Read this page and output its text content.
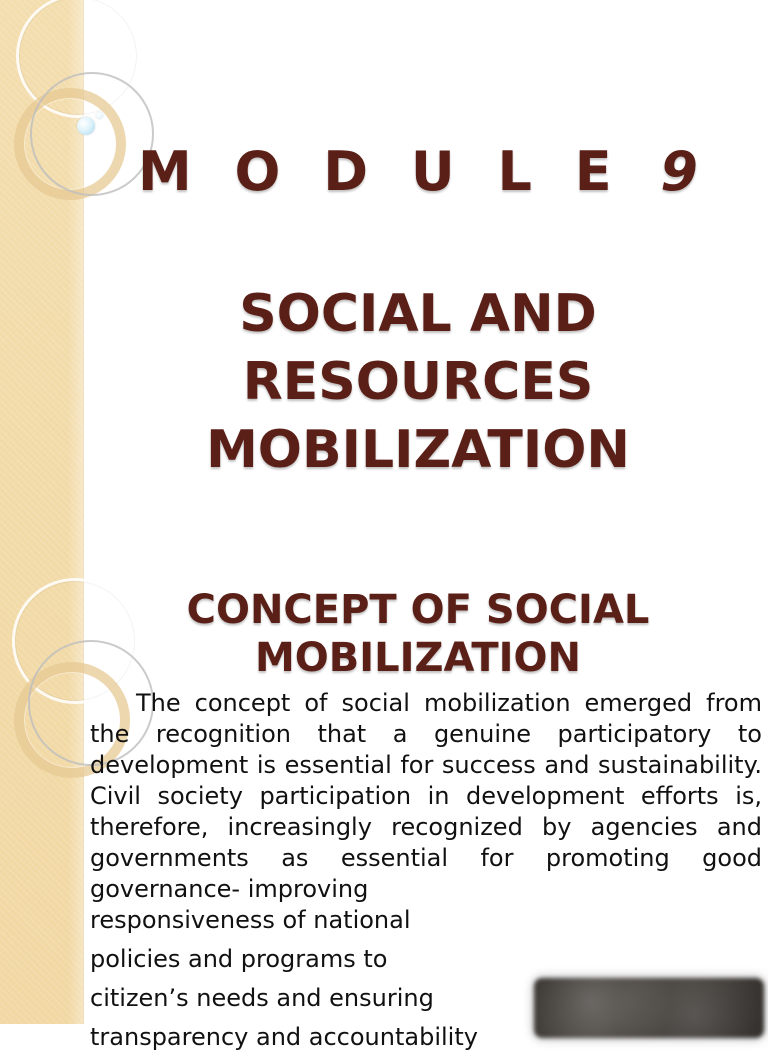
M O D U L E 9
SOCIAL AND
RESOURCES
MOBILIZATION
CONCEPT OF SOCIAL
MOBILIZATION

The concept of social mobilization emerged from the recognition that a genuine participatory to development is essential for success and sustainability. Civil society participation in development efforts is, therefore, increasingly recognized by agencies and governments as essential for promoting good governance- improving

responsiveness of national
policies and programs to
citizen’s needs and ensuring
transparency and accountability
